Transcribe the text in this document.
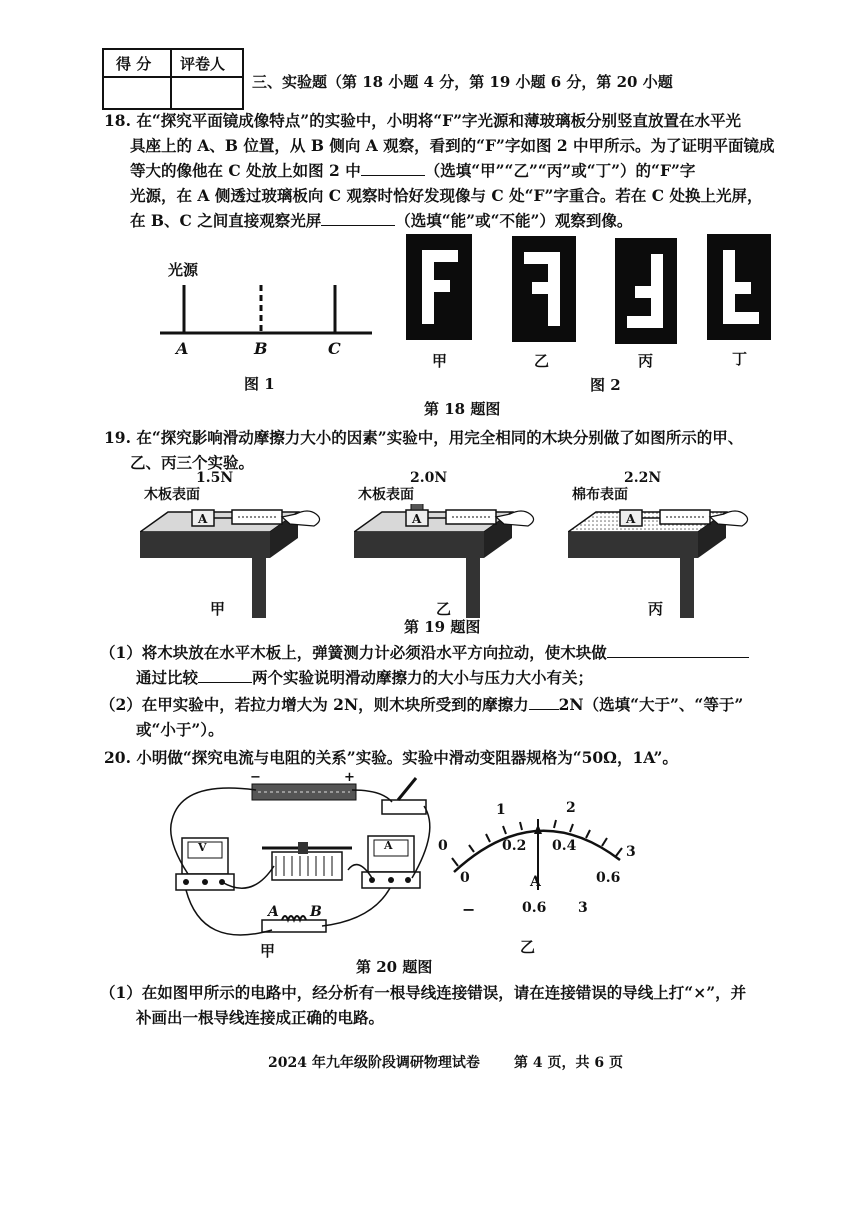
得 分 评卷人
三、实验题（第 18 小题 4 分，第 19 小题 6 分，第 20 小题
18. 在“探究平面镜成像特点”的实验中，小明将“F”字光源和薄玻璃板分别竖直放置在水平光
具座上的 A、B 位置，从 B 侧向 A 观察，看到的“F”字如图 2 中甲所示。为了证明平面镜成
等大的像他在 C 处放上如图 2 中	（选填“甲”“乙”“丙”或“丁”）的“F”字
光源，在 A 侧透过玻璃板向 C 观察时恰好发现像与 C 处“F”字重合。若在 C 处换上光屏，
在 B、C 之间直接观察光屏	（选填“能”或“不能”）观察到像。
光源
A	B	C
图 1
甲	乙	丙	丁
图 2
第 18 题图
19. 在“探究影响滑动摩擦力大小的因素”实验中，用完全相同的木块分别做了如图所示的甲、
乙、丙三个实验。
1.5N
木板表面
A
甲
2.0N
木板表面
A
乙
2.2N
棉布表面
A
丙
第 19 题图
（1）将木块放在水平木板上，弹簧测力计必须沿水平方向拉动，使木块做
通过比较	两个实验说明滑动摩擦力的大小与压力大小有关；
（2）在甲实验中，若拉力增大为 2N，则木块所受到的摩擦力 2N（选填“大于”、“等于”
或“小于”）。
20. 小明做“探究电流与电阻的关系”实验。实验中滑动变阻器规格为“50Ω，1A”。
−	+
V	A
A B
甲
0
1	2
3
0
0.2 0.4
0.6
A
−	0.6 3
乙
第 20 题图
（1）在如图甲所示的电路中，经分析有一根导线连接错误，请在连接错误的导线上打“×”，并
补画出一根导线连接成正确的电路。
2024 年九年级阶段调研物理试卷 第 4 页，共 6 页
